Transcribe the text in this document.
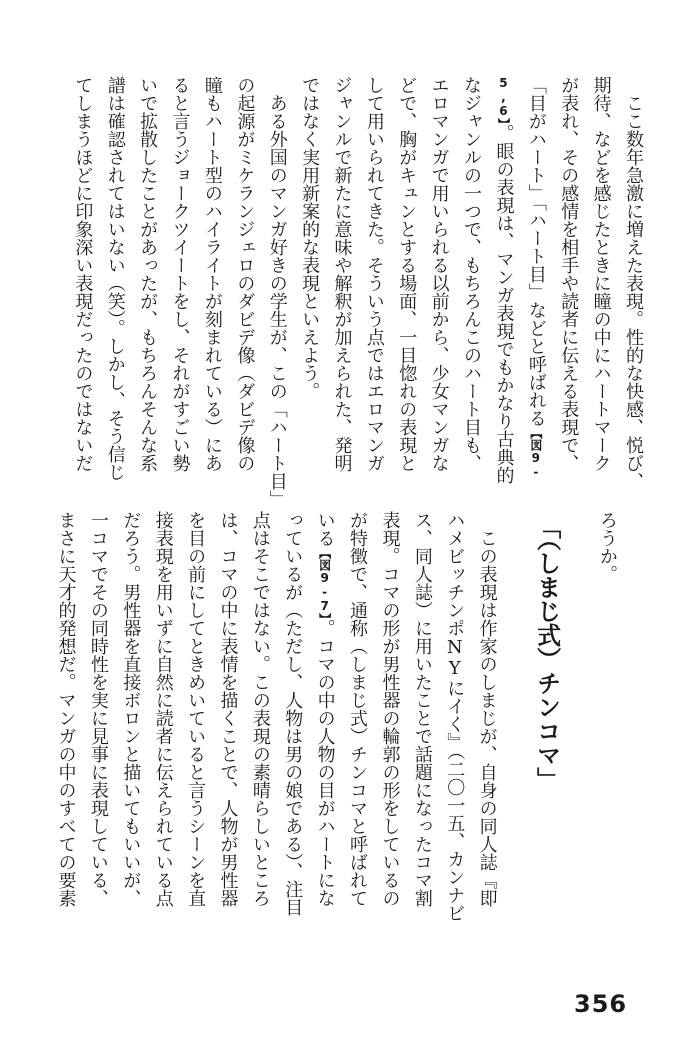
　ここ数年急激に増えた表現。性的な快感、悦び、
期待、などを感じたときに瞳の中にハートマーク
が表れ、その感情を相手や読者に伝える表現で、
「目がハート」「ハート目」などと呼ばれる【図9-
5,6】。眼の表現は、マンガ表現でもかなり古典的
なジャンルの一つで、もちろんこのハート目も、
エロマンガで用いられる以前から、少女マンガな
どで、胸がキュンとする場面、一目惚れの表現と
して用いられてきた。そういう点ではエロマンガ
ジャンルで新たに意味や解釈が加えられた、発明
ではなく実用新案的な表現といえよう。
　ある外国のマンガ好きの学生が、この「ハート目」
の起源がミケランジェロのダビデ像（ダビデ像の
瞳もハート型のハイライトが刻まれている）にあ
ると言うジョークツイートをし、それがすごい勢
いで拡散したことがあったが、もちろんそんな系
譜は確認されてはいない（笑）。しかし、そう信じ
てしまうほどに印象深い表現だったのではないだ
ろうか。
「（しまじ式）チンコマ」
　この表現は作家のしまじが、自身の同人誌『即
ハメビッチンポNYにイく』（二〇一五、カンナビ
ス、同人誌）に用いたことで話題になったコマ割
表現。コマの形が男性器の輪郭の形をしているの
が特徴で、通称（しまじ式）チンコマと呼ばれて
いる【図9-7】。コマの中の人物の目がハートにな
っているが（ただし、人物は男の娘である）、注目
点はそこではない。この表現の素晴らしいところ
は、コマの中に表情を描くことで、人物が男性器
を目の前にしてときめいていると言うシーンを直
接表現を用いずに自然に読者に伝えられている点
だろう。男性器を直接ボロンと描いてもいいが、
一コマでその同時性を実に見事に表現している、
まさに天才的発想だ。マンガの中のすべての要素
356
